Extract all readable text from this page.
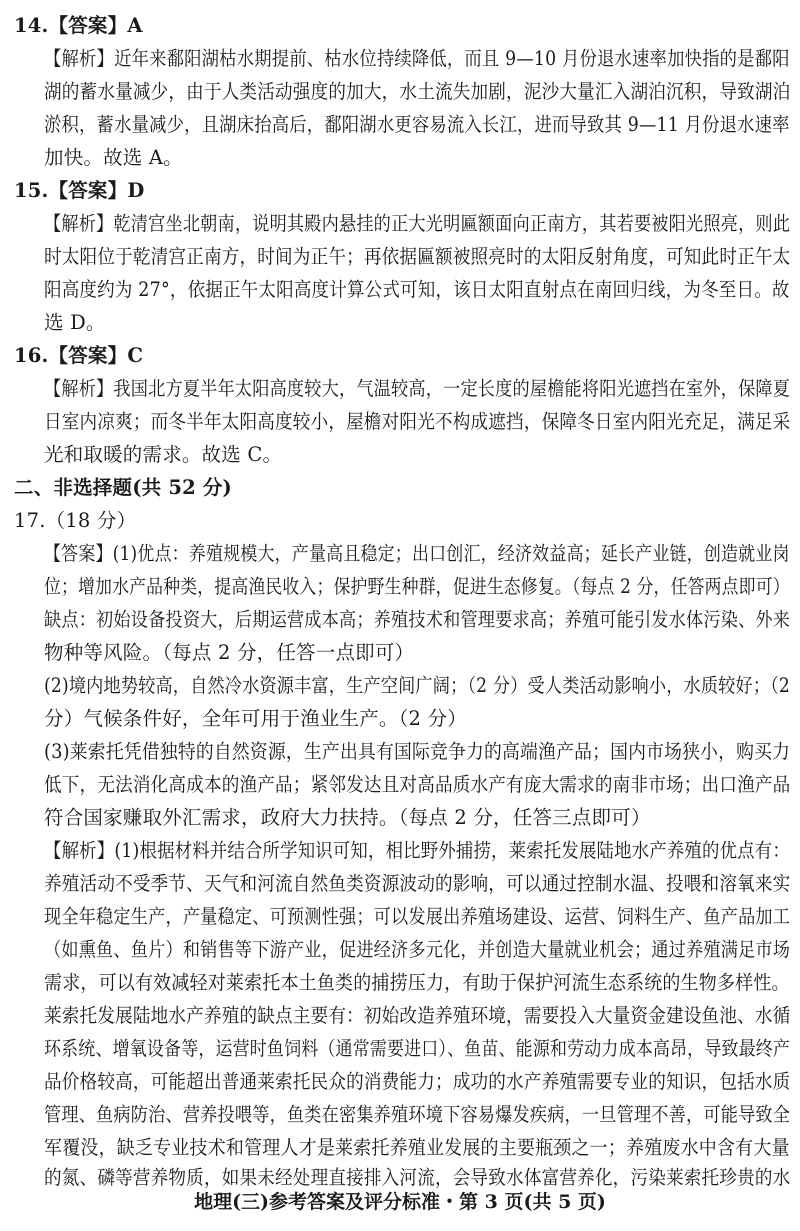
14.【答案】A
【解析】近年来鄱阳湖枯水期提前、枯水位持续降低，而且 9—10 月份退水速率加快指的是鄱阳
湖的蓄水量减少，由于人类活动强度的加大，水土流失加剧，泥沙大量汇入湖泊沉积，导致湖泊
淤积，蓄水量减少，且湖床抬高后，鄱阳湖水更容易流入长江，进而导致其 9—11 月份退水速率
加快。故选 A。
15.【答案】D
【解析】乾清宫坐北朝南，说明其殿内悬挂的正大光明匾额面向正南方，其若要被阳光照亮，则此
时太阳位于乾清宫正南方，时间为正午；再依据匾额被照亮时的太阳反射角度，可知此时正午太
阳高度约为 27°，依据正午太阳高度计算公式可知，该日太阳直射点在南回归线，为冬至日。故
选 D。
16.【答案】C
【解析】我国北方夏半年太阳高度较大，气温较高，一定长度的屋檐能将阳光遮挡在室外，保障夏
日室内凉爽；而冬半年太阳高度较小，屋檐对阳光不构成遮挡，保障冬日室内阳光充足，满足采
光和取暖的需求。故选 C。
二、非选择题(共 52 分)
17.（18 分）
【答案】(1)优点：养殖规模大，产量高且稳定；出口创汇，经济效益高；延长产业链，创造就业岗
位；增加水产品种类，提高渔民收入；保护野生种群，促进生态修复。（每点 2 分，任答两点即可）
缺点：初始设备投资大，后期运营成本高；养殖技术和管理要求高；养殖可能引发水体污染、外来
物种等风险。（每点 2 分，任答一点即可）
(2)境内地势较高，自然冷水资源丰富，生产空间广阔；（2 分）受人类活动影响小，水质较好；（2
分）气候条件好，全年可用于渔业生产。（2 分）
(3)莱索托凭借独特的自然资源，生产出具有国际竞争力的高端渔产品；国内市场狭小，购买力
低下，无法消化高成本的渔产品；紧邻发达且对高品质水产有庞大需求的南非市场；出口渔产品
符合国家赚取外汇需求，政府大力扶持。（每点 2 分，任答三点即可）
【解析】(1)根据材料并结合所学知识可知，相比野外捕捞，莱索托发展陆地水产养殖的优点有：
养殖活动不受季节、天气和河流自然鱼类资源波动的影响，可以通过控制水温、投喂和溶氧来实
现全年稳定生产，产量稳定、可预测性强；可以发展出养殖场建设、运营、饲料生产、鱼产品加工
（如熏鱼、鱼片）和销售等下游产业，促进经济多元化，并创造大量就业机会；通过养殖满足市场
需求，可以有效减轻对莱索托本土鱼类的捕捞压力，有助于保护河流生态系统的生物多样性。
莱索托发展陆地水产养殖的缺点主要有：初始改造养殖环境，需要投入大量资金建设鱼池、水循
环系统、增氧设备等，运营时鱼饲料（通常需要进口）、鱼苗、能源和劳动力成本高昂，导致最终产
品价格较高，可能超出普通莱索托民众的消费能力；成功的水产养殖需要专业的知识，包括水质
管理、鱼病防治、营养投喂等，鱼类在密集养殖环境下容易爆发疾病，一旦管理不善，可能导致全
军覆没，缺乏专业技术和管理人才是莱索托养殖业发展的主要瓶颈之一；养殖废水中含有大量
的氮、磷等营养物质，如果未经处理直接排入河流，会导致水体富营养化，污染莱索托珍贵的水
地理(三)参考答案及评分标准・第 3 页(共 5 页)
